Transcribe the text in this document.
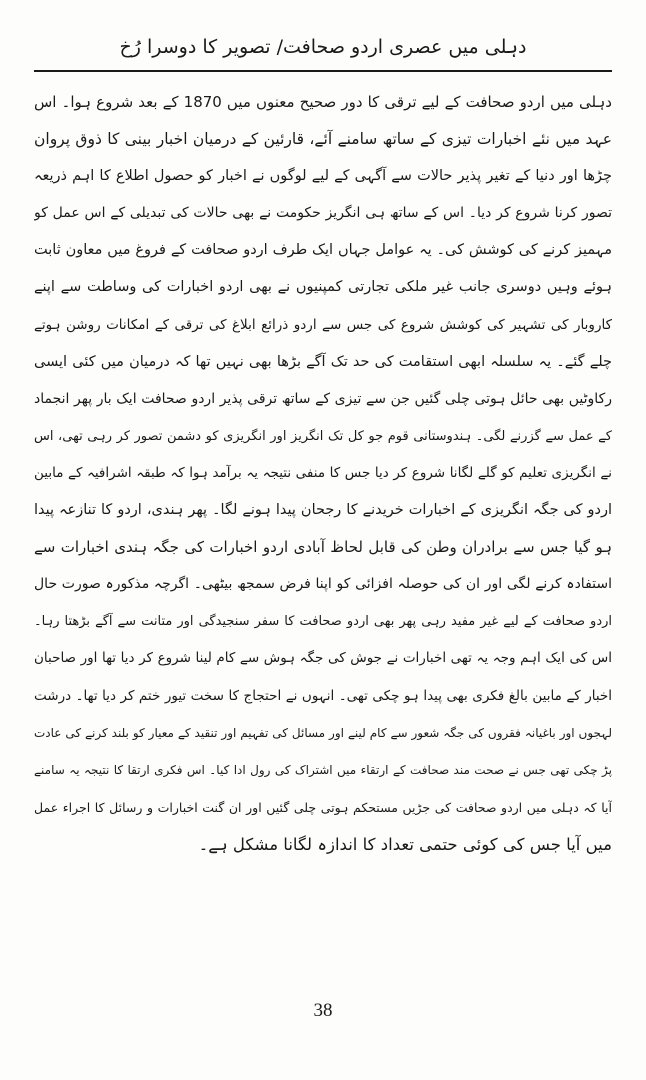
دہلی میں عصری اردو صحافت/ تصویر کا دوسرا رُخ
دہلی میں اردو صحافت کے لیے ترقی کا دور صحیح معنوں میں 1870 کے بعد شروع ہوا۔ اس
عہد میں نئے اخبارات تیزی کے ساتھ سامنے آئے، قارئین کے درمیان اخبار بینی کا ذوق پروان
چڑھا اور دنیا کے تغیر پذیر حالات سے آگہی کے لیے لوگوں نے اخبار کو حصول اطلاع کا اہم ذریعہ
تصور کرنا شروع کر دیا۔ اس کے ساتھ ہی انگریز حکومت نے بھی حالات کی تبدیلی کے اس عمل کو
مہمیز کرنے کی کوشش کی۔ یہ عوامل جہاں ایک طرف اردو صحافت کے فروغ میں معاون ثابت
ہوئے وہیں دوسری جانب غیر ملکی تجارتی کمپنیوں نے بھی اردو اخبارات کی وساطت سے اپنے
کاروبار کی تشہیر کی کوشش شروع کی جس سے اردو ذرائع ابلاغ کی ترقی کے امکانات روشن ہوتے
چلے گئے۔ یہ سلسلہ ابھی استقامت کی حد تک آگے بڑھا بھی نہیں تھا کہ درمیان میں کئی ایسی
رکاوٹیں بھی حائل ہوتی چلی گئیں جن سے تیزی کے ساتھ ترقی پذیر اردو صحافت ایک بار پھر انجماد
کے عمل سے گزرنے لگی۔ ہندوستانی قوم جو کل تک انگریز اور انگریزی کو دشمن تصور کر رہی تھی، اس
نے انگریزی تعلیم کو گلے لگانا شروع کر دیا جس کا منفی نتیجہ یہ برآمد ہوا کہ طبقہ اشرافیہ کے مابین
اردو کی جگہ انگریزی کے اخبارات خریدنے کا رجحان پیدا ہونے لگا۔ پھر ہندی، اردو کا تنازعہ پیدا
ہو گیا جس سے برادران وطن کی قابل لحاظ آبادی اردو اخبارات کی جگہ ہندی اخبارات سے
استفادہ کرنے لگی اور ان کی حوصلہ افزائی کو اپنا فرض سمجھ بیٹھی۔ اگرچہ مذکورہ صورت حال
اردو صحافت کے لیے غیر مفید رہی پھر بھی اردو صحافت کا سفر سنجیدگی اور متانت سے آگے بڑھتا رہا۔
اس کی ایک اہم وجہ یہ تھی اخبارات نے جوش کی جگہ ہوش سے کام لینا شروع کر دیا تھا اور صاحبان
اخبار کے مابین بالغ فکری بھی پیدا ہو چکی تھی۔ انہوں نے احتجاج کا سخت تیور ختم کر دیا تھا۔ درشت
لہجوں اور باغیانہ فقروں کی جگہ شعور سے کام لینے اور مسائل کی تفہیم اور تنقید کے معیار کو بلند کرنے کی عادت
پڑ چکی تھی جس نے صحت مند صحافت کے ارتقاء میں اشتراک کی رول ادا کیا۔ اس فکری ارتقا کا نتیجہ یہ سامنے
آیا کہ دہلی میں اردو صحافت کی جڑیں مستحکم ہوتی چلی گئیں اور ان گنت اخبارات و رسائل کا اجراء عمل
میں آیا جس کی کوئی حتمی تعداد کا اندازہ لگانا مشکل ہے۔
38
